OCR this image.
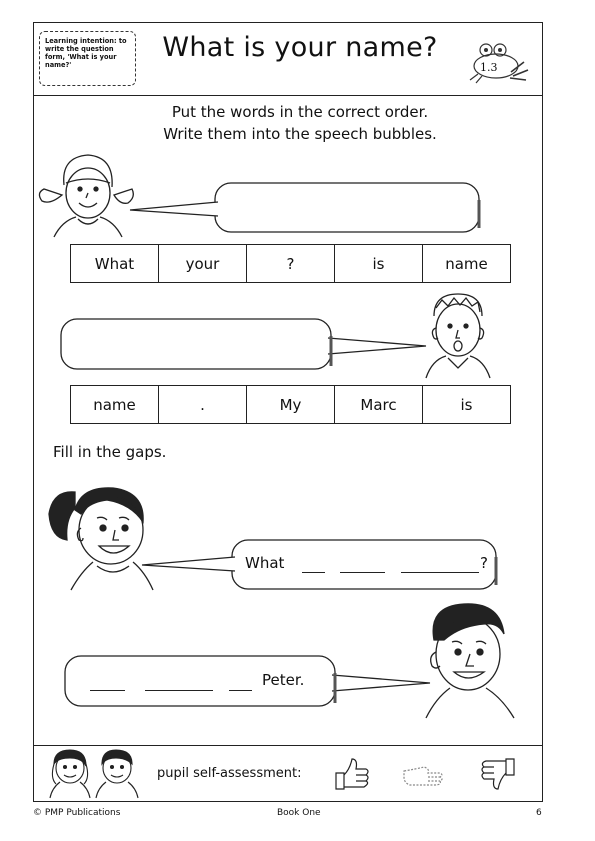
Learning intention: to write the question form, 'What is your name?'
What is your name?
1.3
Put the words in the correct order.
Write them into the speech bubbles.
What	your	?	is	name
name	.	My	Marc	is
Fill in the gaps.
What	?
Peter.
pupil self-assessment:
© PMP Publications	Book One	6
